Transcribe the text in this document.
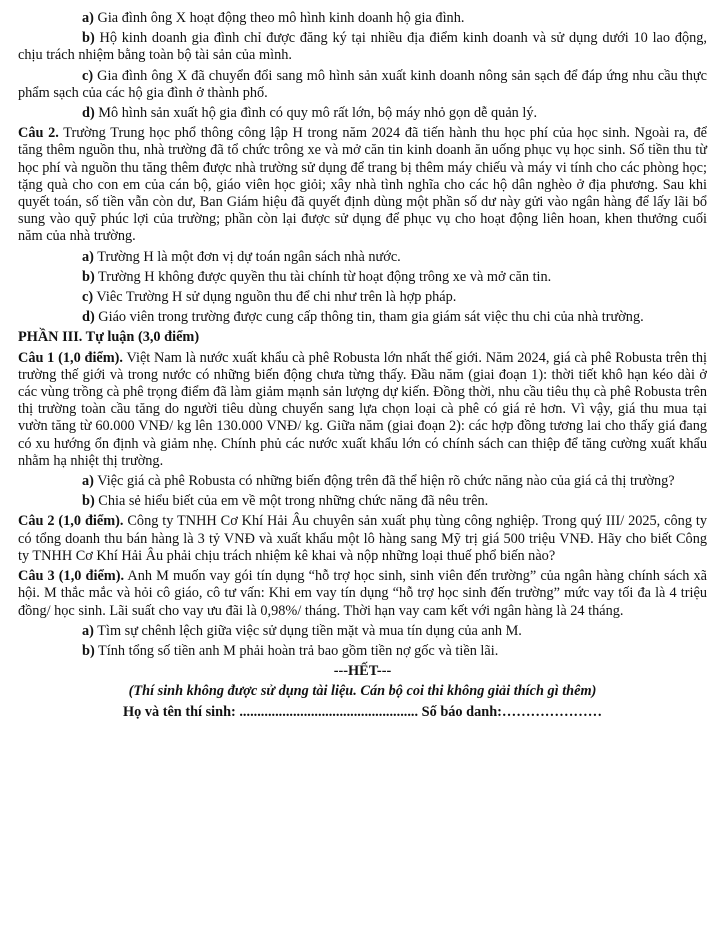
a) Gia đình ông X hoạt động theo mô hình kinh doanh hộ gia đình.

b) Hộ kinh doanh gia đình chỉ được đăng ký tại nhiều địa điểm kinh doanh và sử dụng dưới 10 lao động, chịu trách nhiệm bằng toàn bộ tài sản của mình.

c) Gia đình ông X đã chuyển đổi sang mô hình sản xuất kinh doanh nông sản sạch để đáp ứng nhu cầu thực phẩm sạch của các hộ gia đình ở thành phố.

d) Mô hình sản xuất hộ gia đình có quy mô rất lớn, bộ máy nhỏ gọn dễ quản lý.

Câu 2. Trường Trung học phổ thông công lập H trong năm 2024 đã tiến hành thu học phí của học sinh. Ngoài ra, để tăng thêm nguồn thu, nhà trường đã tổ chức trông xe và mở căn tin kinh doanh ăn uống phục vụ học sinh. Số tiền thu từ học phí và nguồn thu tăng thêm được nhà trường sử dụng để trang bị thêm máy chiếu và máy vi tính cho các phòng học; tặng quà cho con em của cán bộ, giáo viên học giỏi; xây nhà tình nghĩa cho các hộ dân nghèo ở địa phương. Sau khi quyết toán, số tiền vẫn còn dư, Ban Giám hiệu đã quyết định dùng một phần số dư này gửi vào ngân hàng để lấy lãi bổ sung vào quỹ phúc lợi của trường; phần còn lại được sử dụng để phục vụ cho hoạt động liên hoan, khen thưởng cuối năm của nhà trường.

a) Trường H là một đơn vị dự toán ngân sách nhà nước.

b) Trường H không được quyền thu tài chính từ hoạt động trông xe và mở căn tin.

c) Viêc Trường H sử dụng nguồn thu để chi như trên là hợp pháp.

d) Giáo viên trong trường được cung cấp thông tin, tham gia giám sát việc thu chi của nhà trường.

PHẦN III. Tự luận (3,0 điểm)

Câu 1 (1,0 điểm). Việt Nam là nước xuất khẩu cà phê Robusta lớn nhất thế giới. Năm 2024, giá cà phê Robusta trên thị trường thế giới và trong nước có những biến động chưa từng thấy. Đầu năm (giai đoạn 1): thời tiết khô hạn kéo dài ở các vùng trồng cà phê trọng điểm đã làm giảm mạnh sản lượng dự kiến. Đồng thời, nhu cầu tiêu thụ cà phê Robusta trên thị trường toàn cầu tăng do người tiêu dùng chuyển sang lựa chọn loại cà phê có giá rẻ hơn. Vì vậy, giá thu mua tại vườn tăng từ 60.000 VNĐ/ kg lên 130.000 VNĐ/ kg. Giữa năm (giai đoạn 2): các hợp đồng tương lai cho thấy giá đang có xu hướng ổn định và giảm nhẹ. Chính phủ các nước xuất khẩu lớn có chính sách can thiệp để tăng cường xuất khẩu nhằm hạ nhiệt thị trường.

a) Việc giá cà phê Robusta có những biến động trên đã thể hiện rõ chức năng nào của giá cả thị trường?

b) Chia sẻ hiểu biết của em về một trong những chức năng đã nêu trên.

Câu 2 (1,0 điểm). Công ty TNHH Cơ Khí Hải Âu chuyên sản xuất phụ tùng công nghiệp. Trong quý III/ 2025, công ty có tổng doanh thu bán hàng là 3 tỷ VNĐ và xuất khẩu một lô hàng sang Mỹ trị giá 500 triệu VNĐ. Hãy cho biết Công ty TNHH Cơ Khí Hải Âu phải chịu trách nhiệm kê khai và nộp những loại thuế phổ biến nào?

Câu 3 (1,0 điểm). Anh M muốn vay gói tín dụng “hỗ trợ học sinh, sinh viên đến trường” của ngân hàng chính sách xã hội. M thắc mắc và hỏi cô giáo, cô tư vấn: Khi em vay tín dụng “hỗ trợ học sinh đến trường” mức vay tối đa là 4 triệu đồng/ học sinh. Lãi suất cho vay ưu đãi là 0,98%/ tháng. Thời hạn vay cam kết với ngân hàng là 24 tháng.

a) Tìm sự chênh lệch giữa việc sử dụng tiền mặt và mua tín dụng của anh M.

b) Tính tổng số tiền anh M phải hoàn trả bao gồm tiền nợ gốc và tiền lãi.

---HẾT---

(Thí sinh không được sử dụng tài liệu. Cán bộ coi thi không giải thích gì thêm)

Họ và tên thí sinh: .................................................. Số báo danh:…………………
